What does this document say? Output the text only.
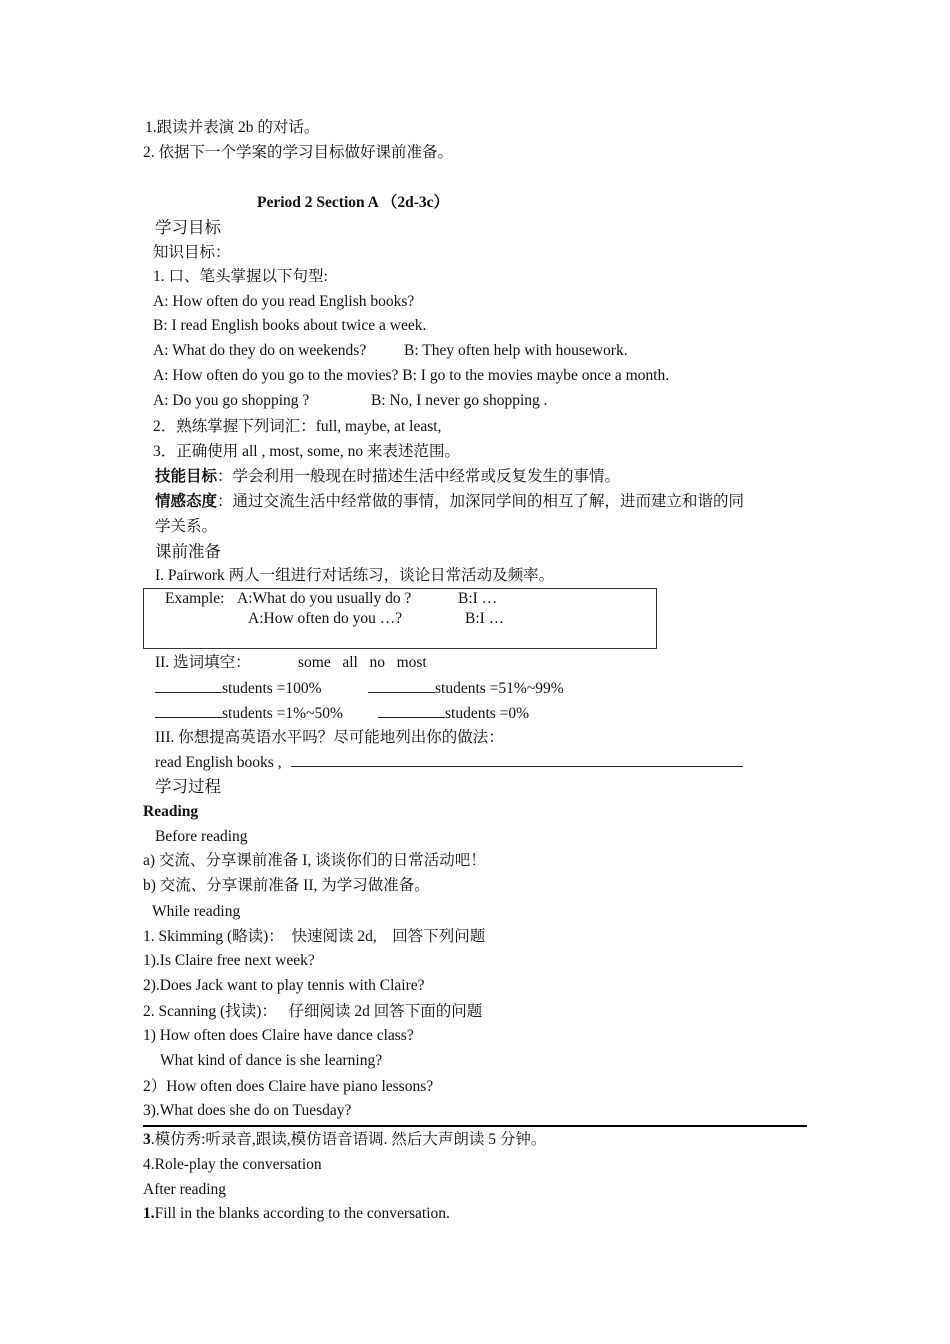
1.跟读并表演 2b 的对话。
2. 依据下一个学案的学习目标做好课前准备。
Period 2 Section A （2d-3c）
学习目标
知识目标：
1. 口、笔头掌握以下句型:
A: How often do you read English books?
B: I read English books about twice a week.
A: What do they do on weekends? B: They often help with housework.
A: How often do you go to the movies? B: I go to the movies maybe once a month.
A: Do you go shopping ?	B: No, I never go shopping .
2．熟练掌握下列词汇：full, maybe, at least,
3．正确使用 all , most, some, no 来表述范围。
技能目标：学会利用一般现在时描述生活中经常或反复发生的事情。
情感态度：通过交流生活中经常做的事情，加深同学间的相互了解，进而建立和谐的同
学关系。
课前准备
I. Pairwork 两人一组进行对话练习，谈论日常活动及频率。
Example: A:What do you usually do ?	B:I …
A:How often do you …?	B:I …
II. 选词填空：	some   all   no   most
students =100%	students =51%~99%
students =1%~50%	students =0%
III. 你想提高英语水平吗？尽可能地列出你的做法：
read English books ,
学习过程
Reading
Before reading
a) 交流、分享课前准备 I, 谈谈你们的日常活动吧！
b) 交流、分享课前准备 II, 为学习做准备。
While reading
1. Skimming (略读)：  快速阅读 2d,    回答下列问题
1).Is Claire free next week?
2).Does Jack want to play tennis with Claire?
2. Scanning (找读)：   仔细阅读 2d 回答下面的问题
1) How often does Claire have dance class?
What kind of dance is she learning?
2）How often does Claire have piano lessons?
3).What does she do on Tuesday?
3.模仿秀:听录音,跟读,模仿语音语调. 然后大声朗读 5 分钟。
4.Role-play the conversation
After reading
1.Fill in the blanks according to the conversation.
